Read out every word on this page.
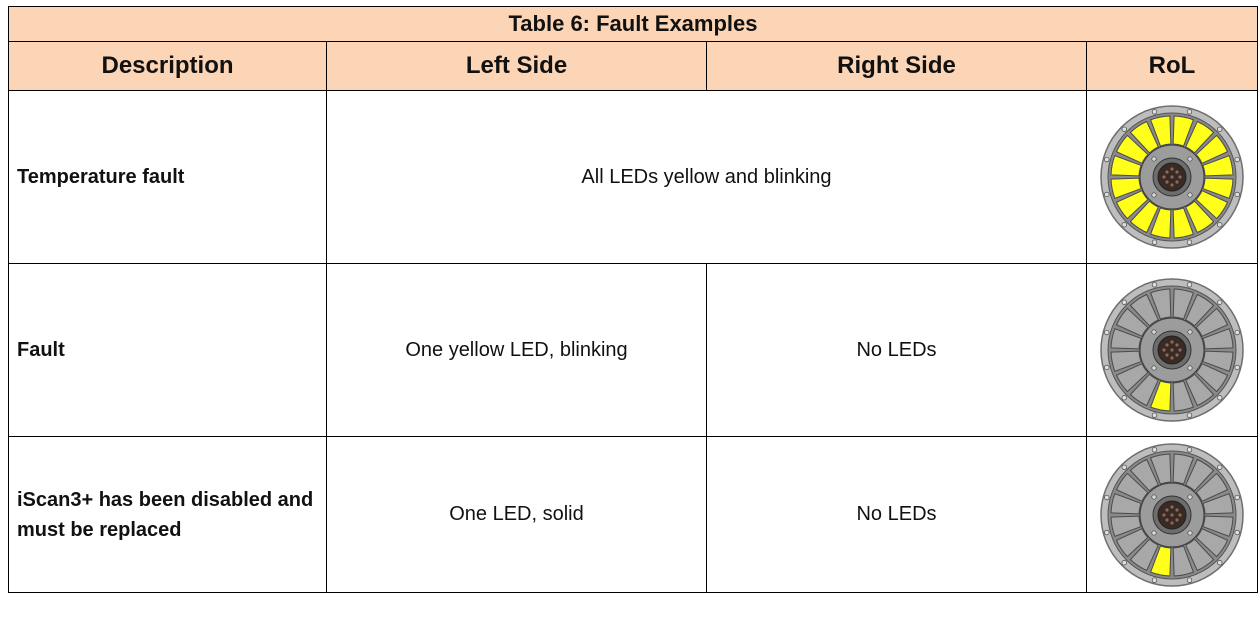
Table 6: Fault Examples			
Description	Left Side	Right Side	RoL
Temperature fault	All LEDs yellow and blinking	

Fault	One yellow LED, blinking	No LEDs	

iScan3+ has been disabled and must be replaced	One LED, solid	No LEDs	
